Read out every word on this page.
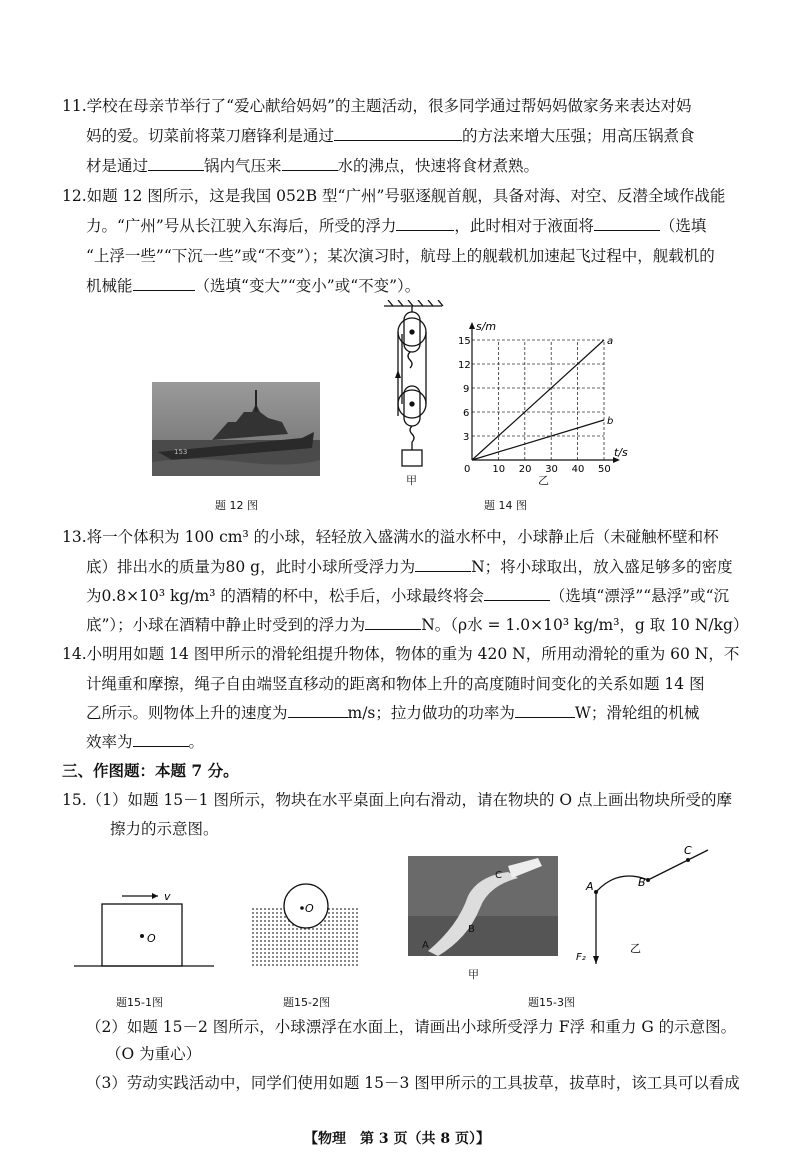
11.学校在母亲节举行了“爱心献给妈妈”的主题活动，很多同学通过帮妈妈做家务来表达对妈
妈的爱。切菜前将菜刀磨锋利是通过	的方法来增大压强；用高压锅煮食
材是通过	锅内气压来	水的沸点，快速将食材煮熟。
12.如题 12 图所示，这是我国 052B 型“广州”号驱逐舰首舰，具备对海、对空、反潜全域作战能
力。“广州”号从长江驶入东海后，所受的浮力	，此时相对于液面将	（选填
“上浮一些”“下沉一些”或“不变”）；某次演习时，航母上的舰载机加速起飞过程中，舰载机的
机械能	（选填“变大”“变小”或“不变”）。
153
题 12 图
甲
0 10 20 30 40 50
3
6
9
12
15	a
b
s/m
t/s
乙
题 14 图
13.将一个体积为 100 cm³ 的小球，轻轻放入盛满水的溢水杯中，小球静止后（未碰触杯壁和杯
底）排出水的质量为80 g，此时小球所受浮力为	N；将小球取出，放入盛足够多的密度
为0.8×10³ kg/m³ 的酒精的杯中，松手后，小球最终将会	（选填“漂浮”“悬浮”或“沉
底”）；小球在酒精中静止时受到的浮力为	N。（ρ水 = 1.0×10³ kg/m³，g 取 10 N/kg）
14.小明用如题 14 图甲所示的滑轮组提升物体，物体的重为 420 N，所用动滑轮的重为 60 N，不
计绳重和摩擦，绳子自由端竖直移动的距离和物体上升的高度随时间变化的关系如题 14 图
乙所示。则物体上升的速度为	m/s；拉力做功的功率为	W；滑轮组的机械
效率为	。
三、作图题：本题 7 分。
15.（1）如题 15－1 图所示，物块在水平桌面上向右滑动，请在物块的 O 点上画出物块所受的摩
擦力的示意图。
v
O
题15-1图
O
题15-2图
C
B
A
甲
A	B
C
F₂
乙
题15-3图
（2）如题 15－2 图所示，小球漂浮在水面上，请画出小球所受浮力 F浮 和重力 G 的示意图。
（O 为重心）
（3）劳动实践活动中，同学们使用如题 15－3 图甲所示的工具拔草，拔草时，该工具可以看成
【物理　第 3 页（共 8 页）】
